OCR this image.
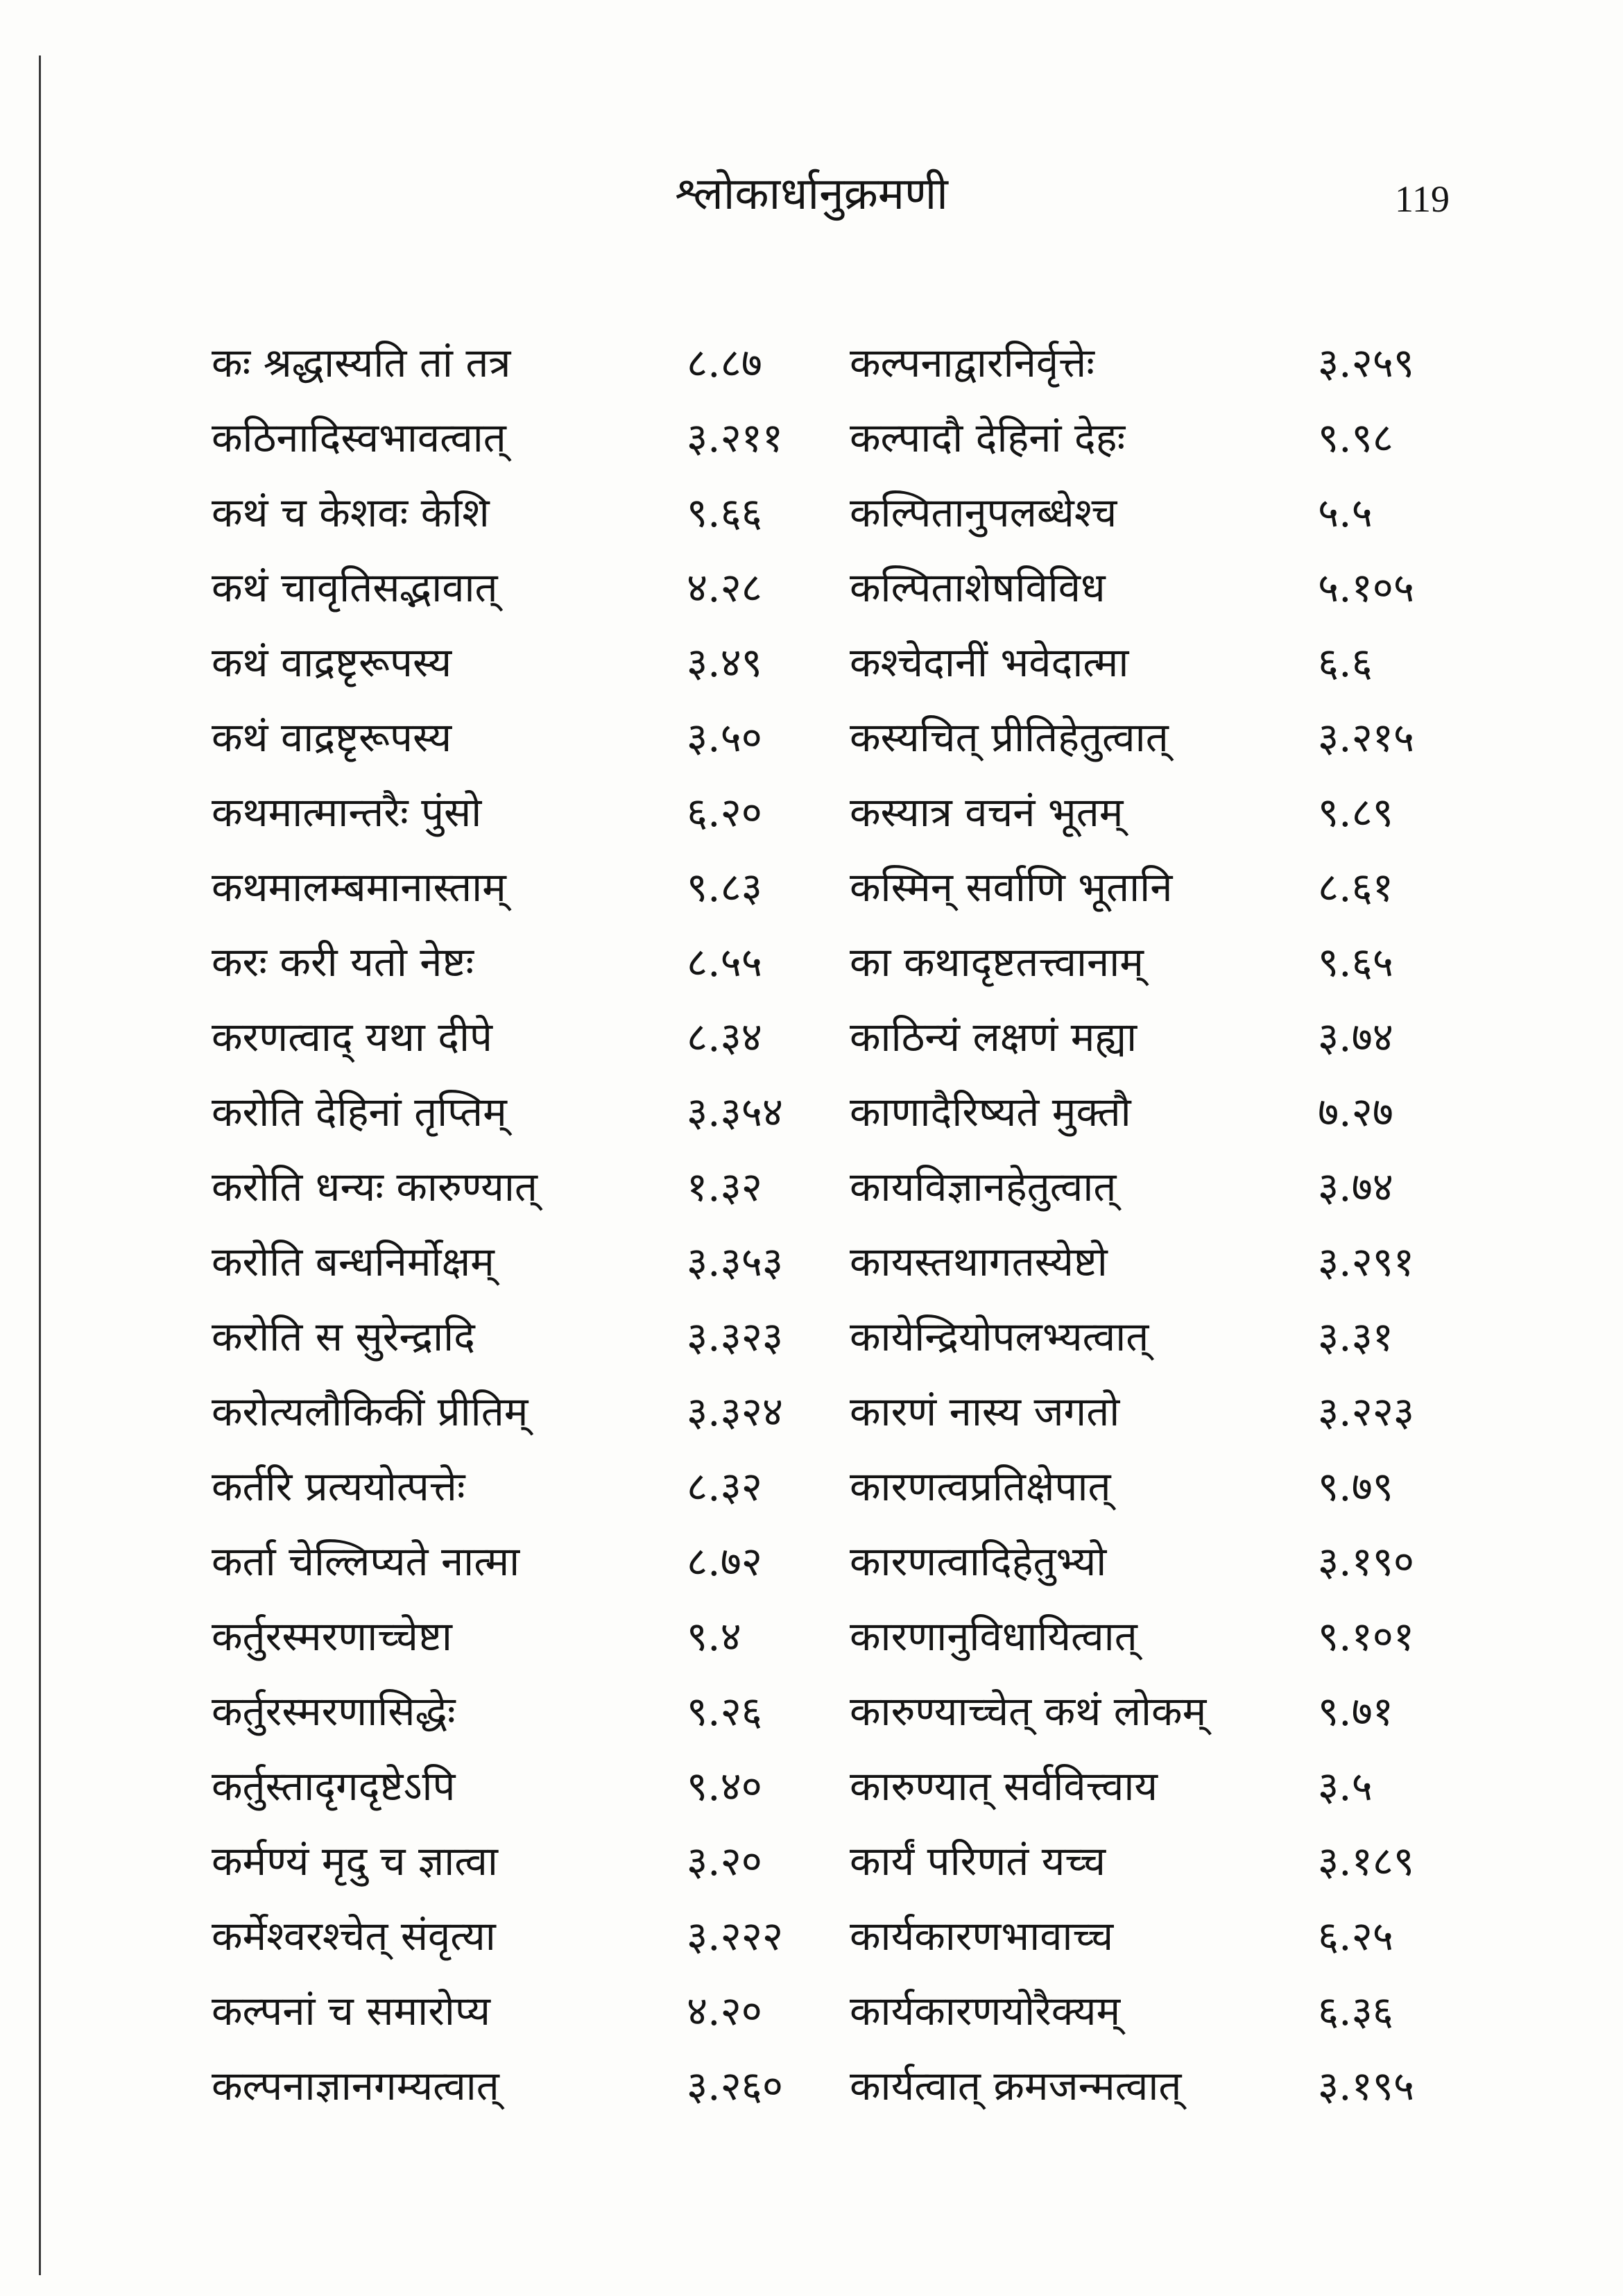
श्लोकार्धानुक्रमणी	119
कः श्रद्धास्यति तां तत्र	८.८७	कल्पनाद्वारनिर्वृत्तेः	३.२५९
कठिनादिस्वभावत्वात्	३.२११	कल्पादौ देहिनां देहः	९.९८
कथं च केशवः केशि	९.६६	कल्पितानुपलब्धेश्च	५.५
कथं चावृतिसद्भावात्	४.२८	कल्पिताशेषविविध	५.१०५
कथं वाद्रष्टृरूपस्य	३.४९	कश्चेदानीं भवेदात्मा	६.६
कथं वाद्रष्टृरूपस्य	३.५०	कस्यचित् प्रीतिहेतुत्वात्	३.२१५
कथमात्मान्तरैः पुंसो	६.२०	कस्यात्र वचनं भूतम्	९.८९
कथमालम्बमानास्ताम्	९.८३	कस्मिन् सर्वाणि भूतानि	८.६१
करः करी यतो नेष्टः	८.५५	का कथादृष्टतत्त्वानाम्	९.६५
करणत्वाद् यथा दीपे	८.३४	काठिन्यं लक्षणं मह्या	३.७४
करोति देहिनां तृप्तिम्	३.३५४	काणादैरिष्यते मुक्तौ	७.२७
करोति धन्यः कारुण्यात्	१.३२	कायविज्ञानहेतुत्वात्	३.७४
करोति बन्धनिर्मोक्षम्	३.३५३	कायस्तथागतस्येष्टो	३.२९१
करोति स सुरेन्द्रादि	३.३२३	कायेन्द्रियोपलभ्यत्वात्	३.३१
करोत्यलौकिकीं प्रीतिम्	३.३२४	कारणं नास्य जगतो	३.२२३
कर्तरि प्रत्ययोत्पत्तेः	८.३२	कारणत्वप्रतिक्षेपात्	९.७९
कर्ता चेल्लिप्यते नात्मा	८.७२	कारणत्वादिहेतुभ्यो	३.१९०
कर्तुरस्मरणाच्चेष्टा	९.४	कारणानुविधायित्वात्	९.१०१
कर्तुरस्मरणासिद्धेः	९.२६	कारुण्याच्चेत् कथं लोकम्	९.७१
कर्तुस्तादृगदृष्टेऽपि	९.४०	कारुण्यात् सर्ववित्त्वाय	३.५
कर्मण्यं मृदु च ज्ञात्वा	३.२०	कार्यं परिणतं यच्च	३.१८९
कर्मेश्वरश्चेत् संवृत्या	३.२२२	कार्यकारणभावाच्च	६.२५
कल्पनां च समारोप्य	४.२०	कार्यकारणयोरैक्यम्	६.३६
कल्पनाज्ञानगम्यत्वात्	३.२६०	कार्यत्वात् क्रमजन्मत्वात्	३.१९५
